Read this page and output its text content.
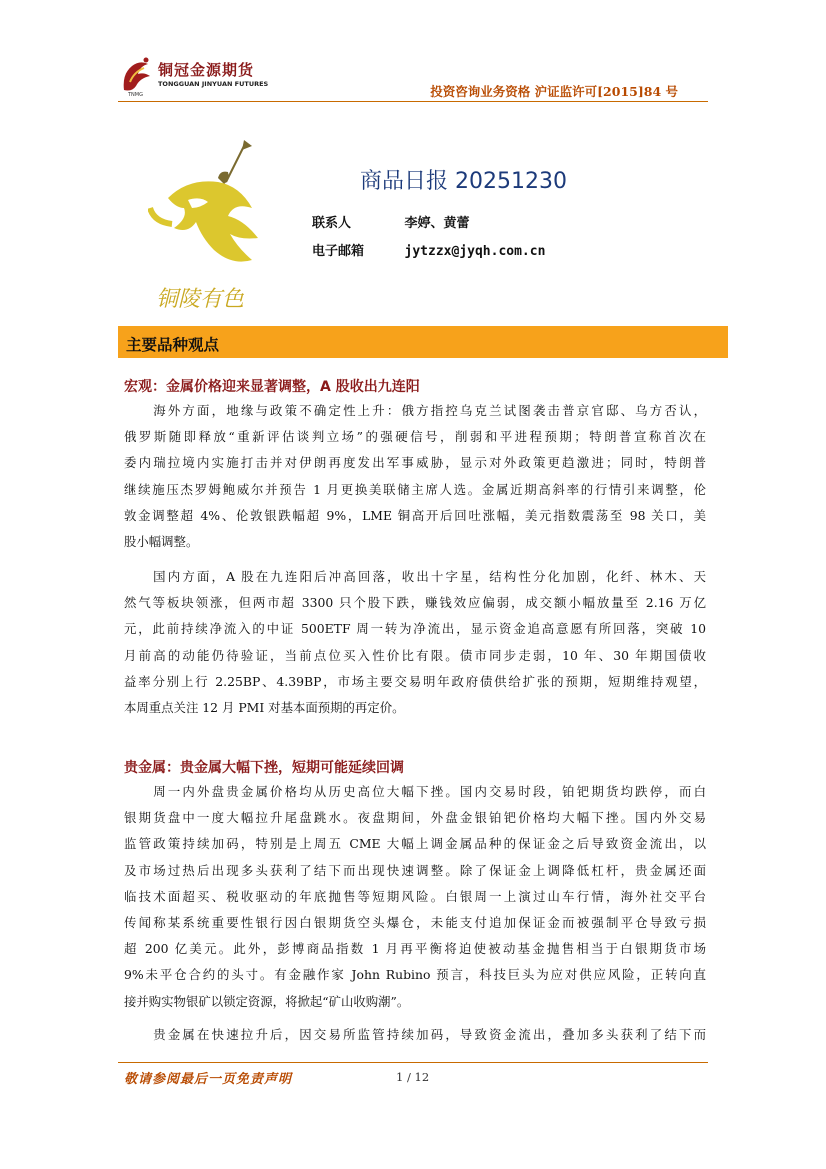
铜冠金源期货
TONGGUAN JINYUAN FUTURES
TNMG	投资咨询业务资格 沪证监许可[2015]84 号
铜陵有色
商品日报 20251230
联系人	李婷、黄蕾
电子邮箱	jytzzx@jyqh.com.cn
主要品种观点
宏观：金属价格迎来显著调整，A 股收出九连阳
　　海外方面，地缘与政策不确定性上升：俄方指控乌克兰试图袭击普京官邸、乌方否认，
俄罗斯随即释放“重新评估谈判立场”的强硬信号，削弱和平进程预期；特朗普宣称首次在
委内瑞拉境内实施打击并对伊朗再度发出军事威胁，显示对外政策更趋激进；同时，特朗普
继续施压杰罗姆鲍威尔并预告 1 月更换美联储主席人选。金属近期高斜率的行情引来调整，伦
敦金调整超 4%、伦敦银跌幅超 9%，LME 铜高开后回吐涨幅，美元指数震荡至 98 关口，美
股小幅调整。
　　国内方面，A 股在九连阳后冲高回落，收出十字星，结构性分化加剧，化纤、林木、天
然气等板块领涨，但两市超 3300 只个股下跌，赚钱效应偏弱，成交额小幅放量至 2.16 万亿
元，此前持续净流入的中证 500ETF 周一转为净流出，显示资金追高意愿有所回落，突破 10
月前高的动能仍待验证，当前点位买入性价比有限。债市同步走弱，10 年、30 年期国债收
益率分别上行 2.25BP、4.39BP，市场主要交易明年政府债供给扩张的预期，短期维持观望，
本周重点关注 12 月 PMI 对基本面预期的再定价。
贵金属：贵金属大幅下挫，短期可能延续回调
　　周一内外盘贵金属价格均从历史高位大幅下挫。国内交易时段，铂钯期货均跌停，而白
银期货盘中一度大幅拉升尾盘跳水。夜盘期间，外盘金银铂钯价格均大幅下挫。国内外交易
监管政策持续加码，特别是上周五 CME 大幅上调金属品种的保证金之后导致资金流出，以
及市场过热后出现多头获利了结下而出现快速调整。除了保证金上调降低杠杆，贵金属还面
临技术面超买、税收驱动的年底抛售等短期风险。白银周一上演过山车行情，海外社交平台
传闻称某系统重要性银行因白银期货空头爆仓，未能支付追加保证金而被强制平仓导致亏损
超 200 亿美元。此外，彭博商品指数 1 月再平衡将迫使被动基金抛售相当于白银期货市场
9%未平仓合约的头寸。有金融作家 John Rubino 预言，科技巨头为应对供应风险，正转向直
接并购实物银矿以锁定资源，将掀起“矿山收购潮”。
　　贵金属在快速拉升后，因交易所监管持续加码，导致资金流出，叠加多头获利了结下而
敬请参阅最后一页免责声明	1 / 12
